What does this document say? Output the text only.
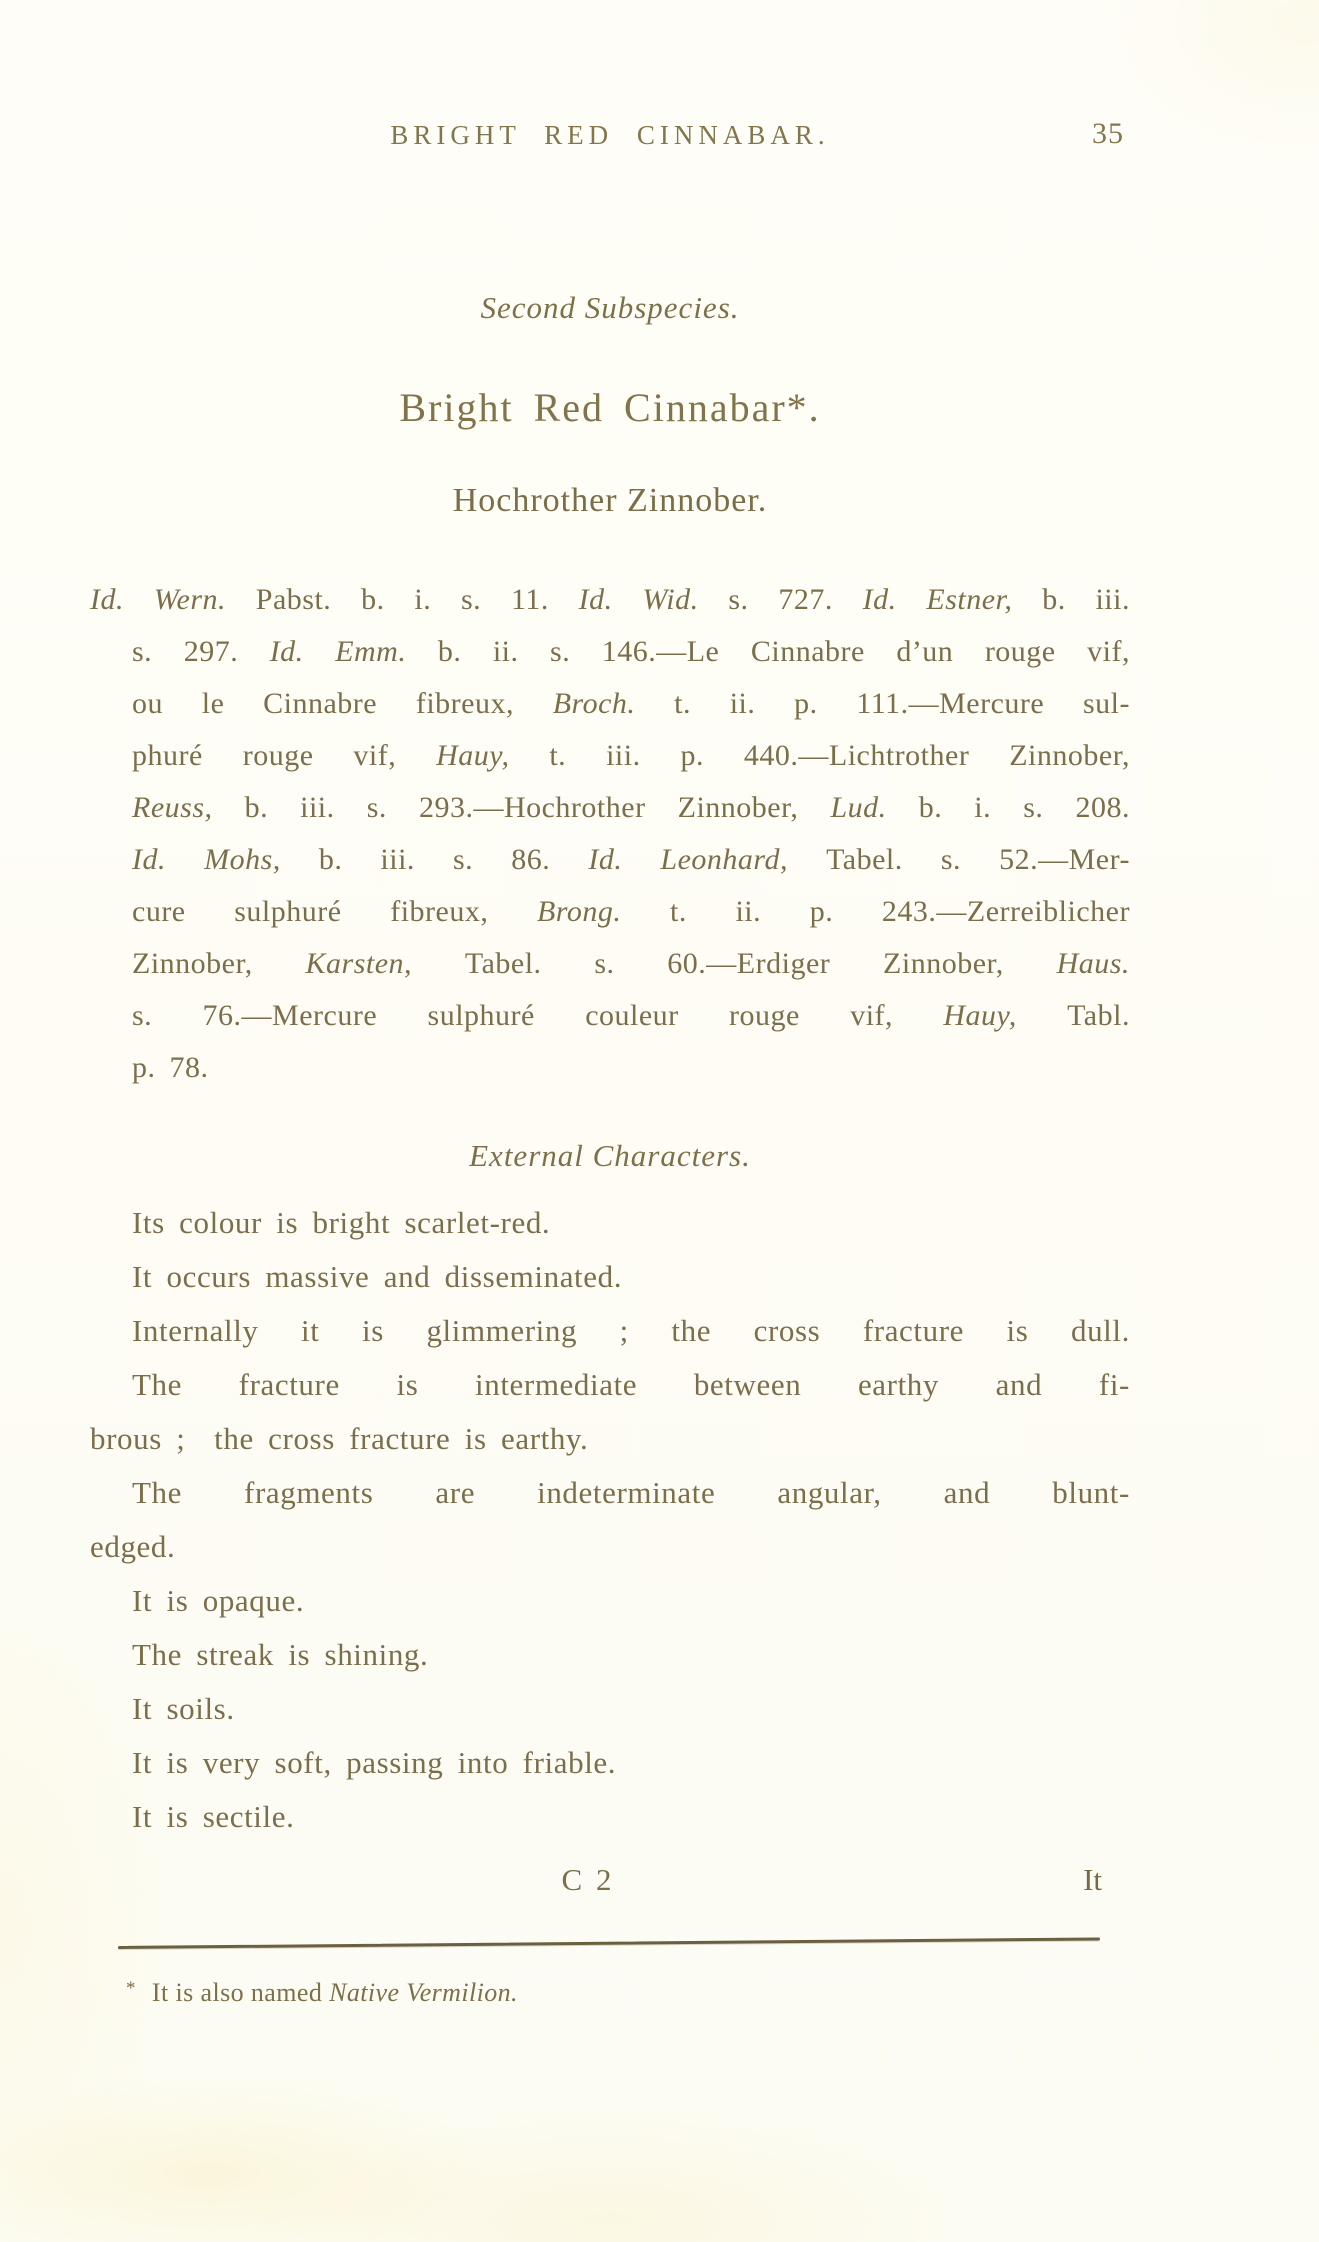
BRIGHT RED CINNABAR.	35
Second Subspecies.
Bright Red Cinnabar*.
Hochrother Zinnober.
Id. Wern. Pabst. b. i. s. 11. Id. Wid. s. 727. Id. Estner, b. iii.
s. 297. Id. Emm. b. ii. s. 146.—Le Cinnabre d’un rouge vif,
ou le Cinnabre fibreux, Broch. t. ii. p. 111.—Mercure sul-
phuré rouge vif, Hauy, t. iii. p. 440.—Lichtrother Zinnober,
Reuss, b. iii. s. 293.—Hochrother Zinnober, Lud. b. i. s. 208.
Id. Mohs, b. iii. s. 86. Id. Leonhard, Tabel. s. 52.—Mer-
cure sulphuré fibreux, Brong. t. ii. p. 243.—Zerreiblicher
Zinnober, Karsten, Tabel. s. 60.—Erdiger Zinnober, Haus.
s. 76.—Mercure sulphuré couleur rouge vif, Hauy, Tabl.
p. 78.
External Characters.
Its colour is bright scarlet-red.
It occurs massive and disseminated.
Internally it is glimmering ; the cross fracture is dull.
The fracture is intermediate between earthy and fi-
brous ;  the cross fracture is earthy.
The fragments are indeterminate angular, and blunt-
edged.
It is opaque.
The streak is shining.
It soils.
It is very soft, passing into friable.
It is sectile.
C 2	It
* It is also named Native Vermilion.
